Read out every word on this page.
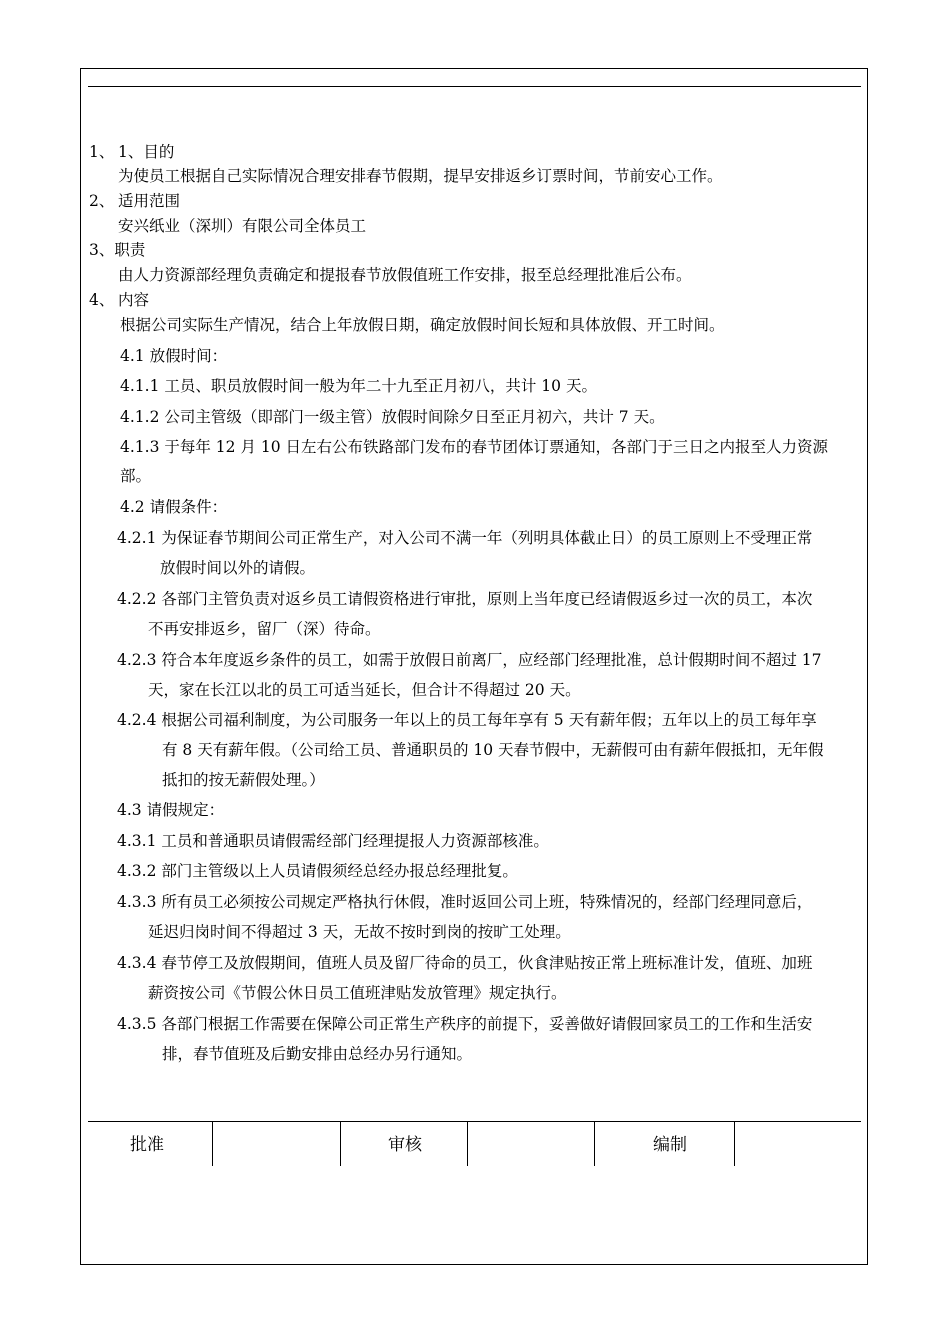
1、 1、目的
为使员工根据自己实际情况合理安排春节假期，提早安排返乡订票时间，节前安心工作。
2、 适用范围
安兴纸业（深圳）有限公司全体员工
3、职责
由人力资源部经理负责确定和提报春节放假值班工作安排，报至总经理批准后公布。
4、 内容
根据公司实际生产情况，结合上年放假日期，确定放假时间长短和具体放假、开工时间。
4.1 放假时间：
4.1.1 工员、职员放假时间一般为年二十九至正月初八，共计 10 天。
4.1.2 公司主管级（即部门一级主管）放假时间除夕日至正月初六，共计 7 天。
4.1.3 于每年 12 月 10 日左右公布铁路部门发布的春节团体订票通知，各部门于三日之内报至人力资源
部。
4.2 请假条件：
4.2.1 为保证春节期间公司正常生产，对入公司不满一年（列明具体截止日）的员工原则上不受理正常
放假时间以外的请假。
4.2.2 各部门主管负责对返乡员工请假资格进行审批，原则上当年度已经请假返乡过一次的员工，本次
不再安排返乡，留厂（深）待命。
4.2.3 符合本年度返乡条件的员工，如需于放假日前离厂，应经部门经理批准，总计假期时间不超过 17
天，家在长江以北的员工可适当延长，但合计不得超过 20 天。
4.2.4 根据公司福利制度，为公司服务一年以上的员工每年享有 5 天有薪年假；五年以上的员工每年享
有 8 天有薪年假。（公司给工员、普通职员的 10 天春节假中，无薪假可由有薪年假抵扣，无年假
抵扣的按无薪假处理。）
4.3 请假规定：
4.3.1 工员和普通职员请假需经部门经理提报人力资源部核准。
4.3.2 部门主管级以上人员请假须经总经办报总经理批复。
4.3.3 所有员工必须按公司规定严格执行休假，准时返回公司上班，特殊情况的，经部门经理同意后，
延迟归岗时间不得超过 3 天，无故不按时到岗的按旷工处理。
4.3.4 春节停工及放假期间，值班人员及留厂待命的员工，伙食津贴按正常上班标准计发，值班、加班
薪资按公司《节假公休日员工值班津贴发放管理》规定执行。
4.3.5 各部门根据工作需要在保障公司正常生产秩序的前提下，妥善做好请假回家员工的工作和生活安
排，春节值班及后勤安排由总经办另行通知。
批准	审核	编制
